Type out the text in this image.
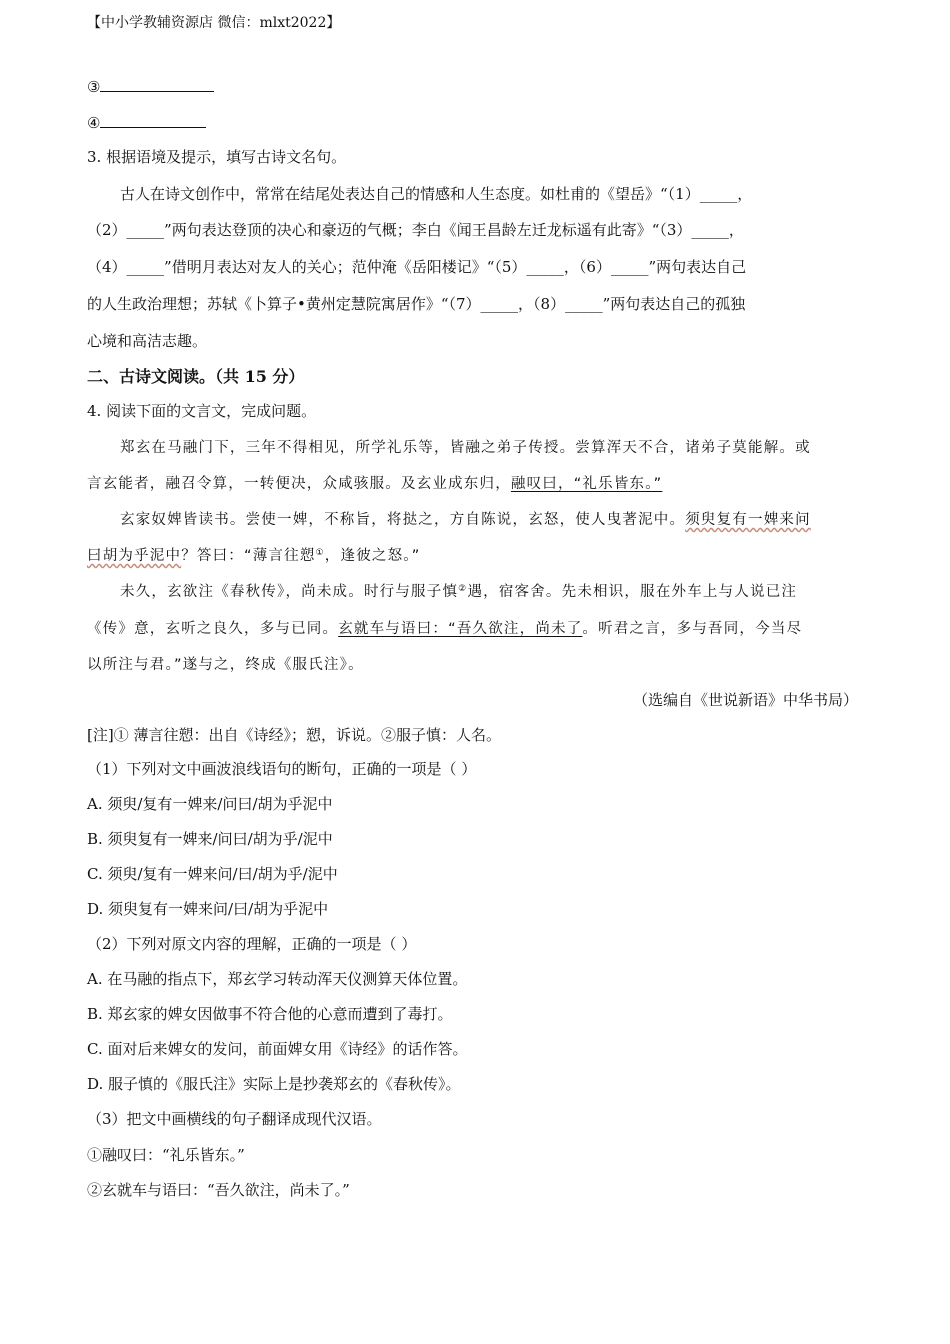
【中小学教辅资源店 微信：mlxt2022】
③
④
3. 根据语境及提示，填写古诗文名句。
古人在诗文创作中，常常在结尾处表达自己的情感和人生态度。如杜甫的《望岳》“（1）_____，
（2）_____”两句表达登顶的决心和豪迈的气概；李白《闻王昌龄左迁龙标遥有此寄》“（3）_____，
（4）_____”借明月表达对友人的关心；范仲淹《岳阳楼记》“（5）_____，（6）_____”两句表达自己
的人生政治理想；苏轼《卜算子•黄州定慧院寓居作》“（7）_____，（8）_____”两句表达自己的孤独
心境和高洁志趣。
二、古诗文阅读。（共 15 分）
4. 阅读下面的文言文，完成问题。
郑玄在马融门下，三年不得相见，所学礼乐等，皆融之弟子传授。尝算浑天不合，诸弟子莫能解。或
言玄能者，融召令算，一转便决，众咸骇服。及玄业成东归，融叹曰，“礼乐皆东。”
玄家奴婢皆读书。尝使一婢，不称旨，将挞之，方自陈说，玄怒，使人曳著泥中。须臾复有一婢来问
曰胡为乎泥中？答曰：“薄言往愬①，逢彼之怒。”
未久，玄欲注《春秋传》，尚未成。时行与服子慎②遇，宿客舍。先未相识，服在外车上与人说已注
《传》意，玄听之良久，多与已同。玄就车与语曰：“吾久欲注，尚未了。听君之言，多与吾同，今当尽
以所注与君。”遂与之，终成《服氏注》。
（选编自《世说新语》中华书局）
[注]① 薄言往愬：出自《诗经》；愬，诉说。②服子慎：人名。
（1）下列对文中画波浪线语句的断句，正确的一项是（ ）
A. 须臾/复有一婢来/问曰/胡为乎泥中
B. 须臾复有一婢来/问曰/胡为乎/泥中
C. 须臾/复有一婢来问/曰/胡为乎/泥中
D. 须臾复有一婢来问/曰/胡为乎泥中
（2）下列对原文内容的理解，正确的一项是（ ）
A. 在马融的指点下，郑玄学习转动浑天仪测算天体位置。
B. 郑玄家的婢女因做事不符合他的心意而遭到了毒打。
C. 面对后来婢女的发问，前面婢女用《诗经》的话作答。
D. 服子慎的《服氏注》实际上是抄袭郑玄的《春秋传》。
（3）把文中画横线的句子翻译成现代汉语。
①融叹曰：“礼乐皆东。”
②玄就车与语曰：“吾久欲注，尚未了。”
